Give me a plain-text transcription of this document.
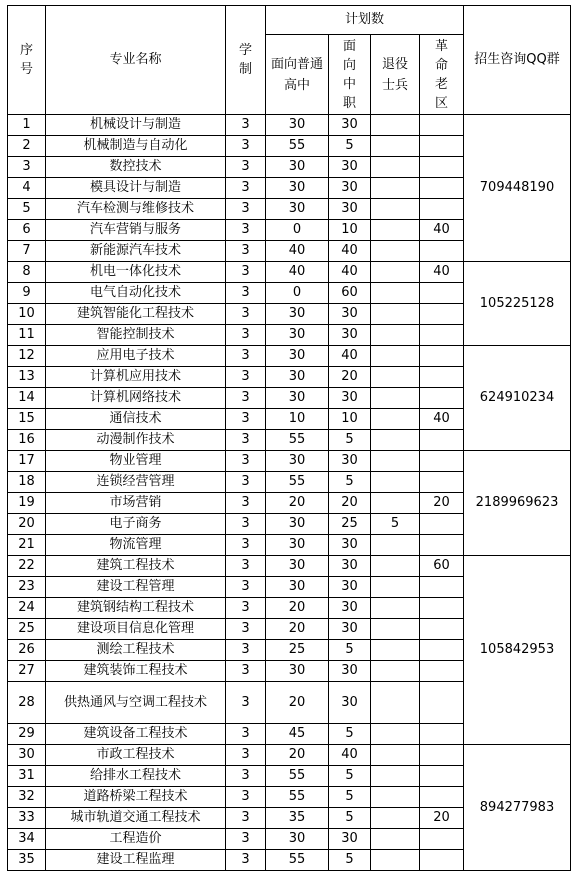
序号	专业名称	学制	计划数				招生咨询QQ群
			面向普通高中	面向中职	退役士兵	革命老区	
1	机械设计与制造	3	30	30			709448190
2	机械制造与自动化	3	55	5			
3	数控技术	3	30	30			
4	模具设计与制造	3	30	30			
5	汽车检测与维修技术	3	30	30			
6	汽车营销与服务	3	0	10		40	
7	新能源汽车技术	3	40	40			
8	机电一体化技术	3	40	40		40	105225128
9	电气自动化技术	3	0	60			
10	建筑智能化工程技术	3	30	30			
11	智能控制技术	3	30	30			
12	应用电子技术	3	30	40			624910234
13	计算机应用技术	3	30	20			
14	计算机网络技术	3	30	30			
15	通信技术	3	10	10		40	
16	动漫制作技术	3	55	5			
17	物业管理	3	30	30			2189969623
18	连锁经营管理	3	55	5			
19	市场营销	3	20	20		20	
20	电子商务	3	30	25	5		
21	物流管理	3	30	30			
22	建筑工程技术	3	30	30		60	105842953
23	建设工程管理	3	30	30			
24	建筑钢结构工程技术	3	20	30			
25	建设项目信息化管理	3	20	30			
26	测绘工程技术	3	25	5			
27	建筑装饰工程技术	3	30	30			
28	供热通风与空调工程技术	3	20	30			
29	建筑设备工程技术	3	45	5			
30	市政工程技术	3	20	40			894277983
31	给排水工程技术	3	55	5			
32	道路桥梁工程技术	3	55	5			
33	城市轨道交通工程技术	3	35	5		20	
34	工程造价	3	30	30			
35	建设工程监理	3	55	5			
